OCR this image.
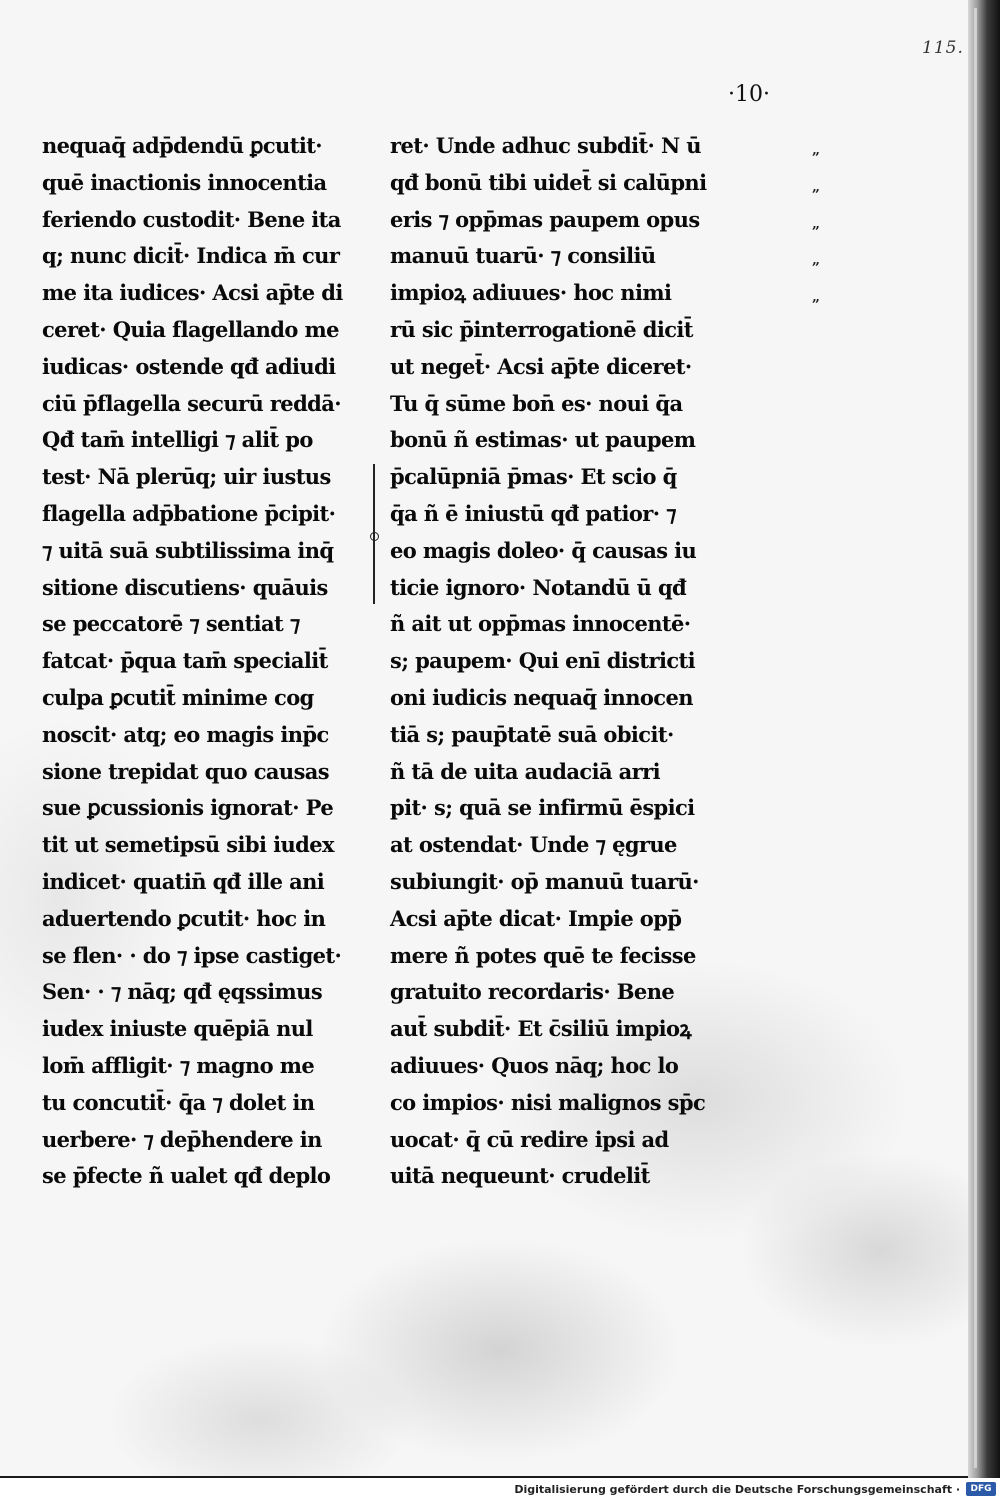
115.
·10·
nequaq̄ adp̄dendū ꝑcutit·
quē inactionis innocentia
feriendo custodit· Bene ita
q; nunc dicit̄· Indica m̄ cur
me ita iudices· Acsi ap̄te di
ceret· Quia flagellando me
iudicas· ostende qđ adiudi
ciū p̄flagella securū reddā·
Qđ tam̄ intelligi ⁊ alit̄ po
test· Nā plerūq; uir iustus
flagella adp̄batione p̄cipit·
⁊ uitā suā subtilissima inq̄
sitione discutiens· quāuis
se peccatorē ⁊ sentiat ⁊
fatcat· p̄qua tam̄ specialit̄
culpa ꝑcutit̄ minime cog
noscit· atq; eo magis inp̄c
sione trepidat quo causas
sue ꝑcussionis ignorat· Pe
tit ut semetipsū sibi iudex
indicet· quatin̄ qđ ille ani
aduertendo ꝑcutit· hoc in
se flen· · do ⁊ ipse castiget·
Sen· · ⁊ nāq; qđ ęqssimus
iudex iniuste quēpiā nul
lom̄ affligit· ⁊ magno me
tu concutit̄· q̄a ⁊ dolet in
uerbere· ⁊ dep̄hendere in
se p̄fecte ñ ualet qđ deplo
ret· Unde adhuc subdit̄· N ū
qđ bonū tibi uidet̄ si calūpni
eris ⁊ opp̄mas paupem opus
manuū tuarū· ⁊ consiliū
impioꝝ adiuues· hoc nimi
rū sic p̄interrogationē dicit̄
ut neget̄· Acsi ap̄te diceret·
Tu q̄ sūme bon̄ es· noui q̄a
bonū ñ estimas· ut paupem
p̄calūpniā p̄mas· Et scio q̄
q̄a ñ ē iniustū qđ patior· ⁊
eo magis doleo· q̄ causas iu
ticie ignoro· Notandū ū qđ
ñ ait ut opp̄mas innocentē·
s; paupem· Qui enī districti
oni iudicis nequaq̄ innocen
tiā s; paup̄tatē suā obicit·
ñ tā de uita audaciā arri
pit· s; quā se infirmū ēspici
at ostendat· Unde ⁊ ęgrue
subiungit· op̄ manuū tuarū·
Acsi ap̄te dicat· Impie opp̄
mere ñ potes quē te fecisse
gratuito recordaris· Bene
aut̄ subdit̄· Et c̄siliū impioꝝ
adiuues· Quos nāq; hoc lo
co impios· nisi malignos sp̄c
uocat· q̄ cū redire ipsi ad
uitā nequeunt· crudelit̄
„
„
„
„
„
Digitalisierung gefördert durch die Deutsche Forschungsgemeinschaft ·	DFG
